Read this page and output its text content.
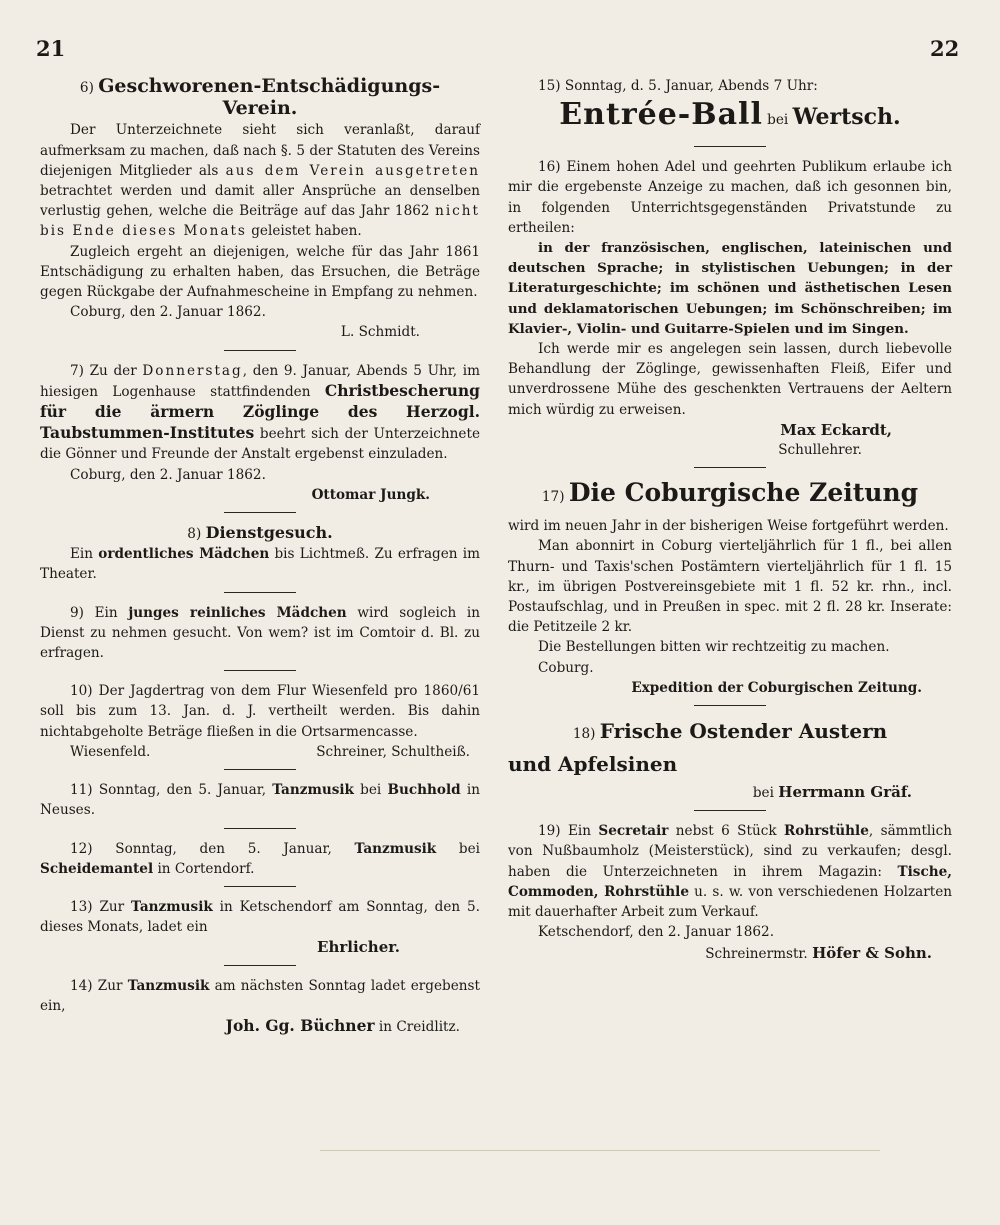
21	22

6) Geschworenen-Entschädigungs-

Verein.

Der Unterzeichnete sieht sich veranlaßt, darauf aufmerksam zu machen, daß nach §. 5 der Statuten des Vereins diejenigen Mitglieder als aus dem Verein ausgetreten betrachtet werden und damit aller Ansprüche an denselben verlustig gehen, welche die Beiträge auf das Jahr 1862 nicht bis Ende dieses Monats geleistet haben.

Zugleich ergeht an diejenigen, welche für das Jahr 1861 Entschädigung zu erhalten haben, das Ersuchen, die Beträge gegen Rückgabe der Aufnahmescheine in Empfang zu nehmen.

Coburg, den 2. Januar 1862.

L. Schmidt.

7) Zu der Donnerstag, den 9. Januar, Abends 5 Uhr, im hiesigen Logenhause stattfindenden Christbescherung für die ärmern Zöglinge des Herzogl. Taubstummen-Institutes beehrt sich der Unterzeichnete die Gönner und Freunde der Anstalt ergebenst einzuladen.

Coburg, den 2. Januar 1862.

Ottomar Jungk.

8) Dienstgesuch.

Ein ordentliches Mädchen bis Lichtmeß. Zu erfragen im Theater.

9) Ein junges reinliches Mädchen wird sogleich in Dienst zu nehmen gesucht. Von wem? ist im Comtoir d. Bl. zu erfragen.

10) Der Jagdertrag von dem Flur Wiesenfeld pro 1860/61 soll bis zum 13. Jan. d. J. vertheilt werden. Bis dahin nichtabgeholte Beträge fließen in die Ortsarmencasse.

Wiesenfeld.	Schreiner, Schultheiß.

11) Sonntag, den 5. Januar, Tanzmusik bei Buchhold in Neuses.

12) Sonntag, den 5. Januar, Tanzmusik bei Scheidemantel in Cortendorf.

13) Zur Tanzmusik in Ketschendorf am Sonntag, den 5. dieses Monats, ladet ein

Ehrlicher.

14) Zur Tanzmusik am nächsten Sonntag ladet ergebenst ein,

Joh. Gg. Büchner in Creidlitz.

15) Sonntag, d. 5. Januar, Abends 7 Uhr:

Entrée-Ball bei Wertsch.

16) Einem hohen Adel und geehrten Publikum erlaube ich mir die ergebenste Anzeige zu machen, daß ich gesonnen bin, in folgenden Unterrichtsgegenständen Privatstunde zu ertheilen:

in der französischen, englischen, lateinischen und deutschen Sprache; in stylistischen Uebungen; in der Literaturgeschichte; im schönen und ästhetischen Lesen und deklamatorischen Uebungen; im Schönschreiben; im Klavier-, Violin- und Guitarre-Spielen und im Singen.

Ich werde mir es angelegen sein lassen, durch liebevolle Behandlung der Zöglinge, gewissenhaften Fleiß, Eifer und unverdrossene Mühe des geschenkten Vertrauens der Aeltern mich würdig zu erweisen.

Max Eckardt,

Schullehrer.

17) Die Coburgische Zeitung

wird im neuen Jahr in der bisherigen Weise fortgeführt werden.

Man abonnirt in Coburg vierteljährlich für 1 fl., bei allen Thurn- und Taxis'schen Postämtern vierteljährlich für 1 fl. 15 kr., im übrigen Postvereinsgebiete mit 1 fl. 52 kr. rhn., incl. Postaufschlag, und in Preußen in spec. mit 2 fl. 28 kr. Inserate: die Petitzeile 2 kr.

Die Bestellungen bitten wir rechtzeitig zu machen.

Coburg.

Expedition der Coburgischen Zeitung.

18) Frische Ostender Austern

und Apfelsinen

bei Herrmann Gräf.

19) Ein Secretair nebst 6 Stück Rohrstühle, sämmtlich von Nußbaumholz (Meisterstück), sind zu verkaufen; desgl. haben die Unterzeichneten in ihrem Magazin: Tische, Commoden, Rohrstühle u. s. w. von verschiedenen Holzarten mit dauerhafter Arbeit zum Verkauf.

Ketschendorf, den 2. Januar 1862.

Schreinermstr. Höfer & Sohn.
